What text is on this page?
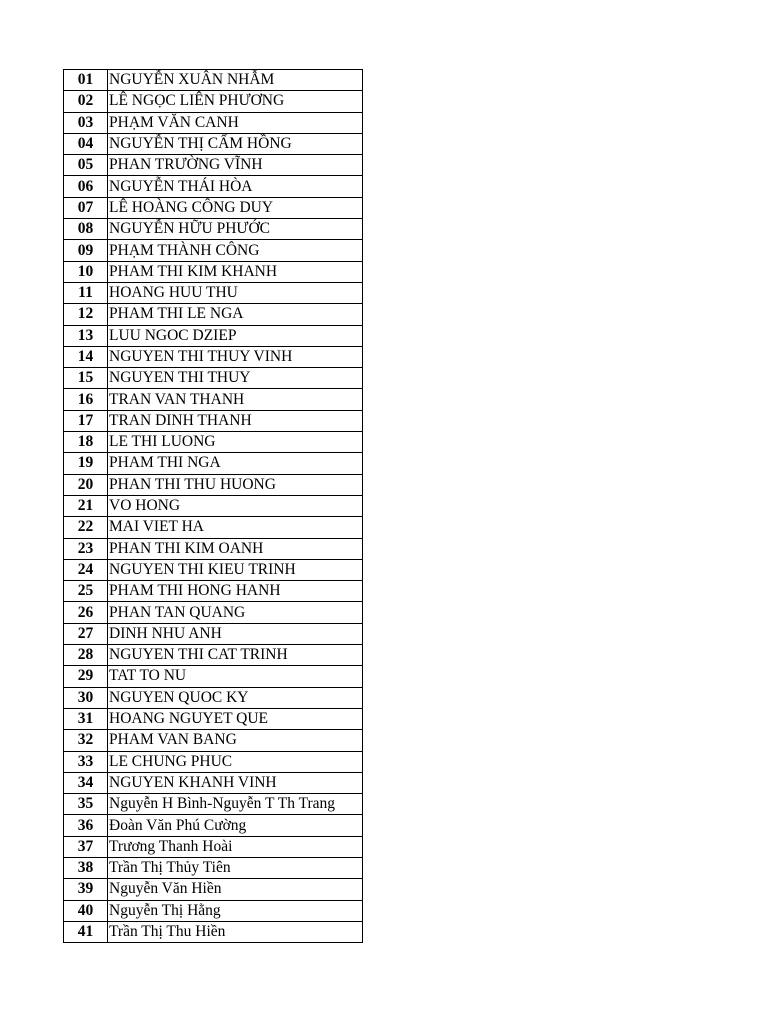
01	NGUYỄN XUÂN NHẪM
02	LÊ NGỌC LIÊN PHƯƠNG
03	PHẠM VĂN CANH
04	NGUYỄN THỊ CẨM HỒNG
05	PHAN TRƯỜNG VĨNH
06	NGUYỄN THÁI HÒA
07	LÊ HOÀNG CÔNG DUY
08	NGUYỄN HỮU PHƯỚC
09	PHẠM THÀNH CÔNG
10	PHAM THI KIM KHANH
11	HOANG HUU THU
12	PHAM THI LE NGA
13	LUU NGOC DZIEP
14	NGUYEN THI THUY VINH
15	NGUYEN THI THUY
16	TRAN VAN THANH
17	TRAN DINH THANH
18	LE THI LUONG
19	PHAM THI NGA
20	PHAN THI THU HUONG
21	VO HONG
22	MAI VIET HA
23	PHAN THI KIM OANH
24	NGUYEN THI KIEU TRINH
25	PHAM THI HONG HANH
26	PHAN TAN QUANG
27	DINH NHU ANH
28	NGUYEN THI CAT TRINH
29	TAT TO NU
30	NGUYEN QUOC KY
31	HOANG NGUYET QUE
32	PHAM VAN BANG
33	LE CHUNG PHUC
34	NGUYEN KHANH VINH
35	Nguyễn H Bình-Nguyễn T Th Trang
36	Đoàn Văn Phú Cường
37	Trương Thanh Hoài
38	Trần Thị Thủy Tiên
39	Nguyễn Văn Hiền
40	Nguyễn Thị Hằng
41	Trần Thị Thu Hiền
